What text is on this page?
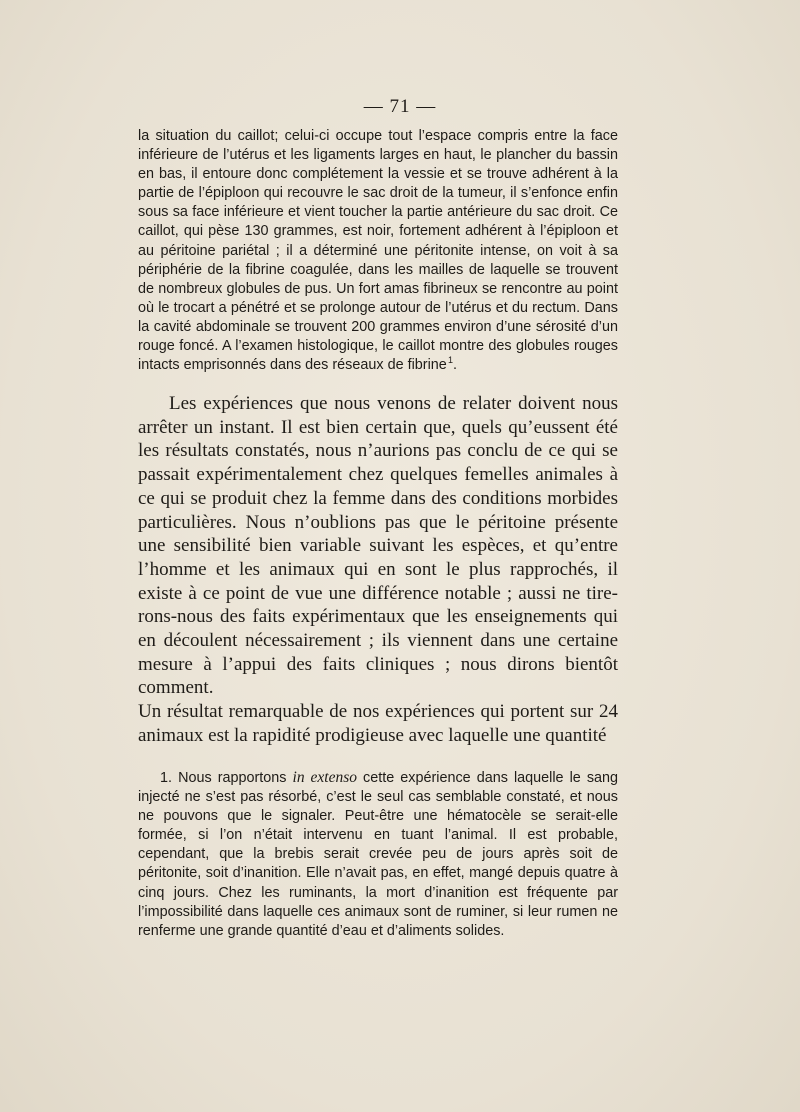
— 71 —

la situation du caillot; celui-ci occupe tout l’espace compris entre la face inférieure de l’utérus et les ligaments larges en haut, le plancher du bassin en bas, il entoure donc complétement la vessie et se trouve adhérent à la partie de l’épiploon qui recouvre le sac droit de la tumeur, il s’enfonce enfin sous sa face inférieure et vient toucher la partie antérieure du sac droit. Ce caillot, qui pèse 130 grammes, est noir, fortement adhérent à l’épiploon et au péritoine pariétal ; il a déterminé une péritonite intense, on voit à sa périphérie de la fibrine coagulée, dans les mailles de laquelle se trouvent de nombreux globules de pus. Un fort amas fibrineux se rencontre au point où le trocart a pénétré et se prolonge autour de l’utérus et du rectum. Dans la cavité abdominale se trouvent 200 grammes environ d’une sérosité d’un rouge foncé. A l’examen histologique, le caillot montre des globules rouges intacts emprisonnés dans des réseaux de fibrine $^1$.

Les expériences que nous venons de relater doivent nous arrêter un instant. Il est bien certain que, quels qu’eussent été les résultats constatés, nous n’aurions pas conclu de ce qui se passait expérimentalement chez quelques femelles animales à ce qui se produit chez la femme dans des conditions morbides particulières. Nous n’oublions pas que le péritoine présente une sensibilité bien variable suivant les espèces, et qu’entre l’homme et les animaux qui en sont le plus rapprochés, il existe à ce point de vue une différence notable ; aussi ne tire-rons-nous des faits expérimentaux que les enseignements qui en découlent nécessairement ; ils viennent dans une certaine mesure à l’appui des faits cliniques ; nous dirons bientôt comment.

Un résultat remarquable de nos expériences qui portent sur 24 animaux est la rapidité prodigieuse avec laquelle une quantité

1. Nous rapportons in extenso cette expérience dans laquelle le sang injecté ne s’est pas résorbé, c’est le seul cas semblable constaté, et nous ne pouvons que le signaler. Peut-être une hématocèle se serait-elle formée, si l’on n’était intervenu en tuant l’animal. Il est probable, cependant, que la brebis serait crevée peu de jours après soit de péritonite, soit d’inanition. Elle n’avait pas, en effet, mangé depuis quatre à cinq jours. Chez les ruminants, la mort d’inanition est fréquente par l’impossibilité dans laquelle ces animaux sont de ruminer, si leur rumen ne renferme une grande quantité d’eau et d’aliments solides.
